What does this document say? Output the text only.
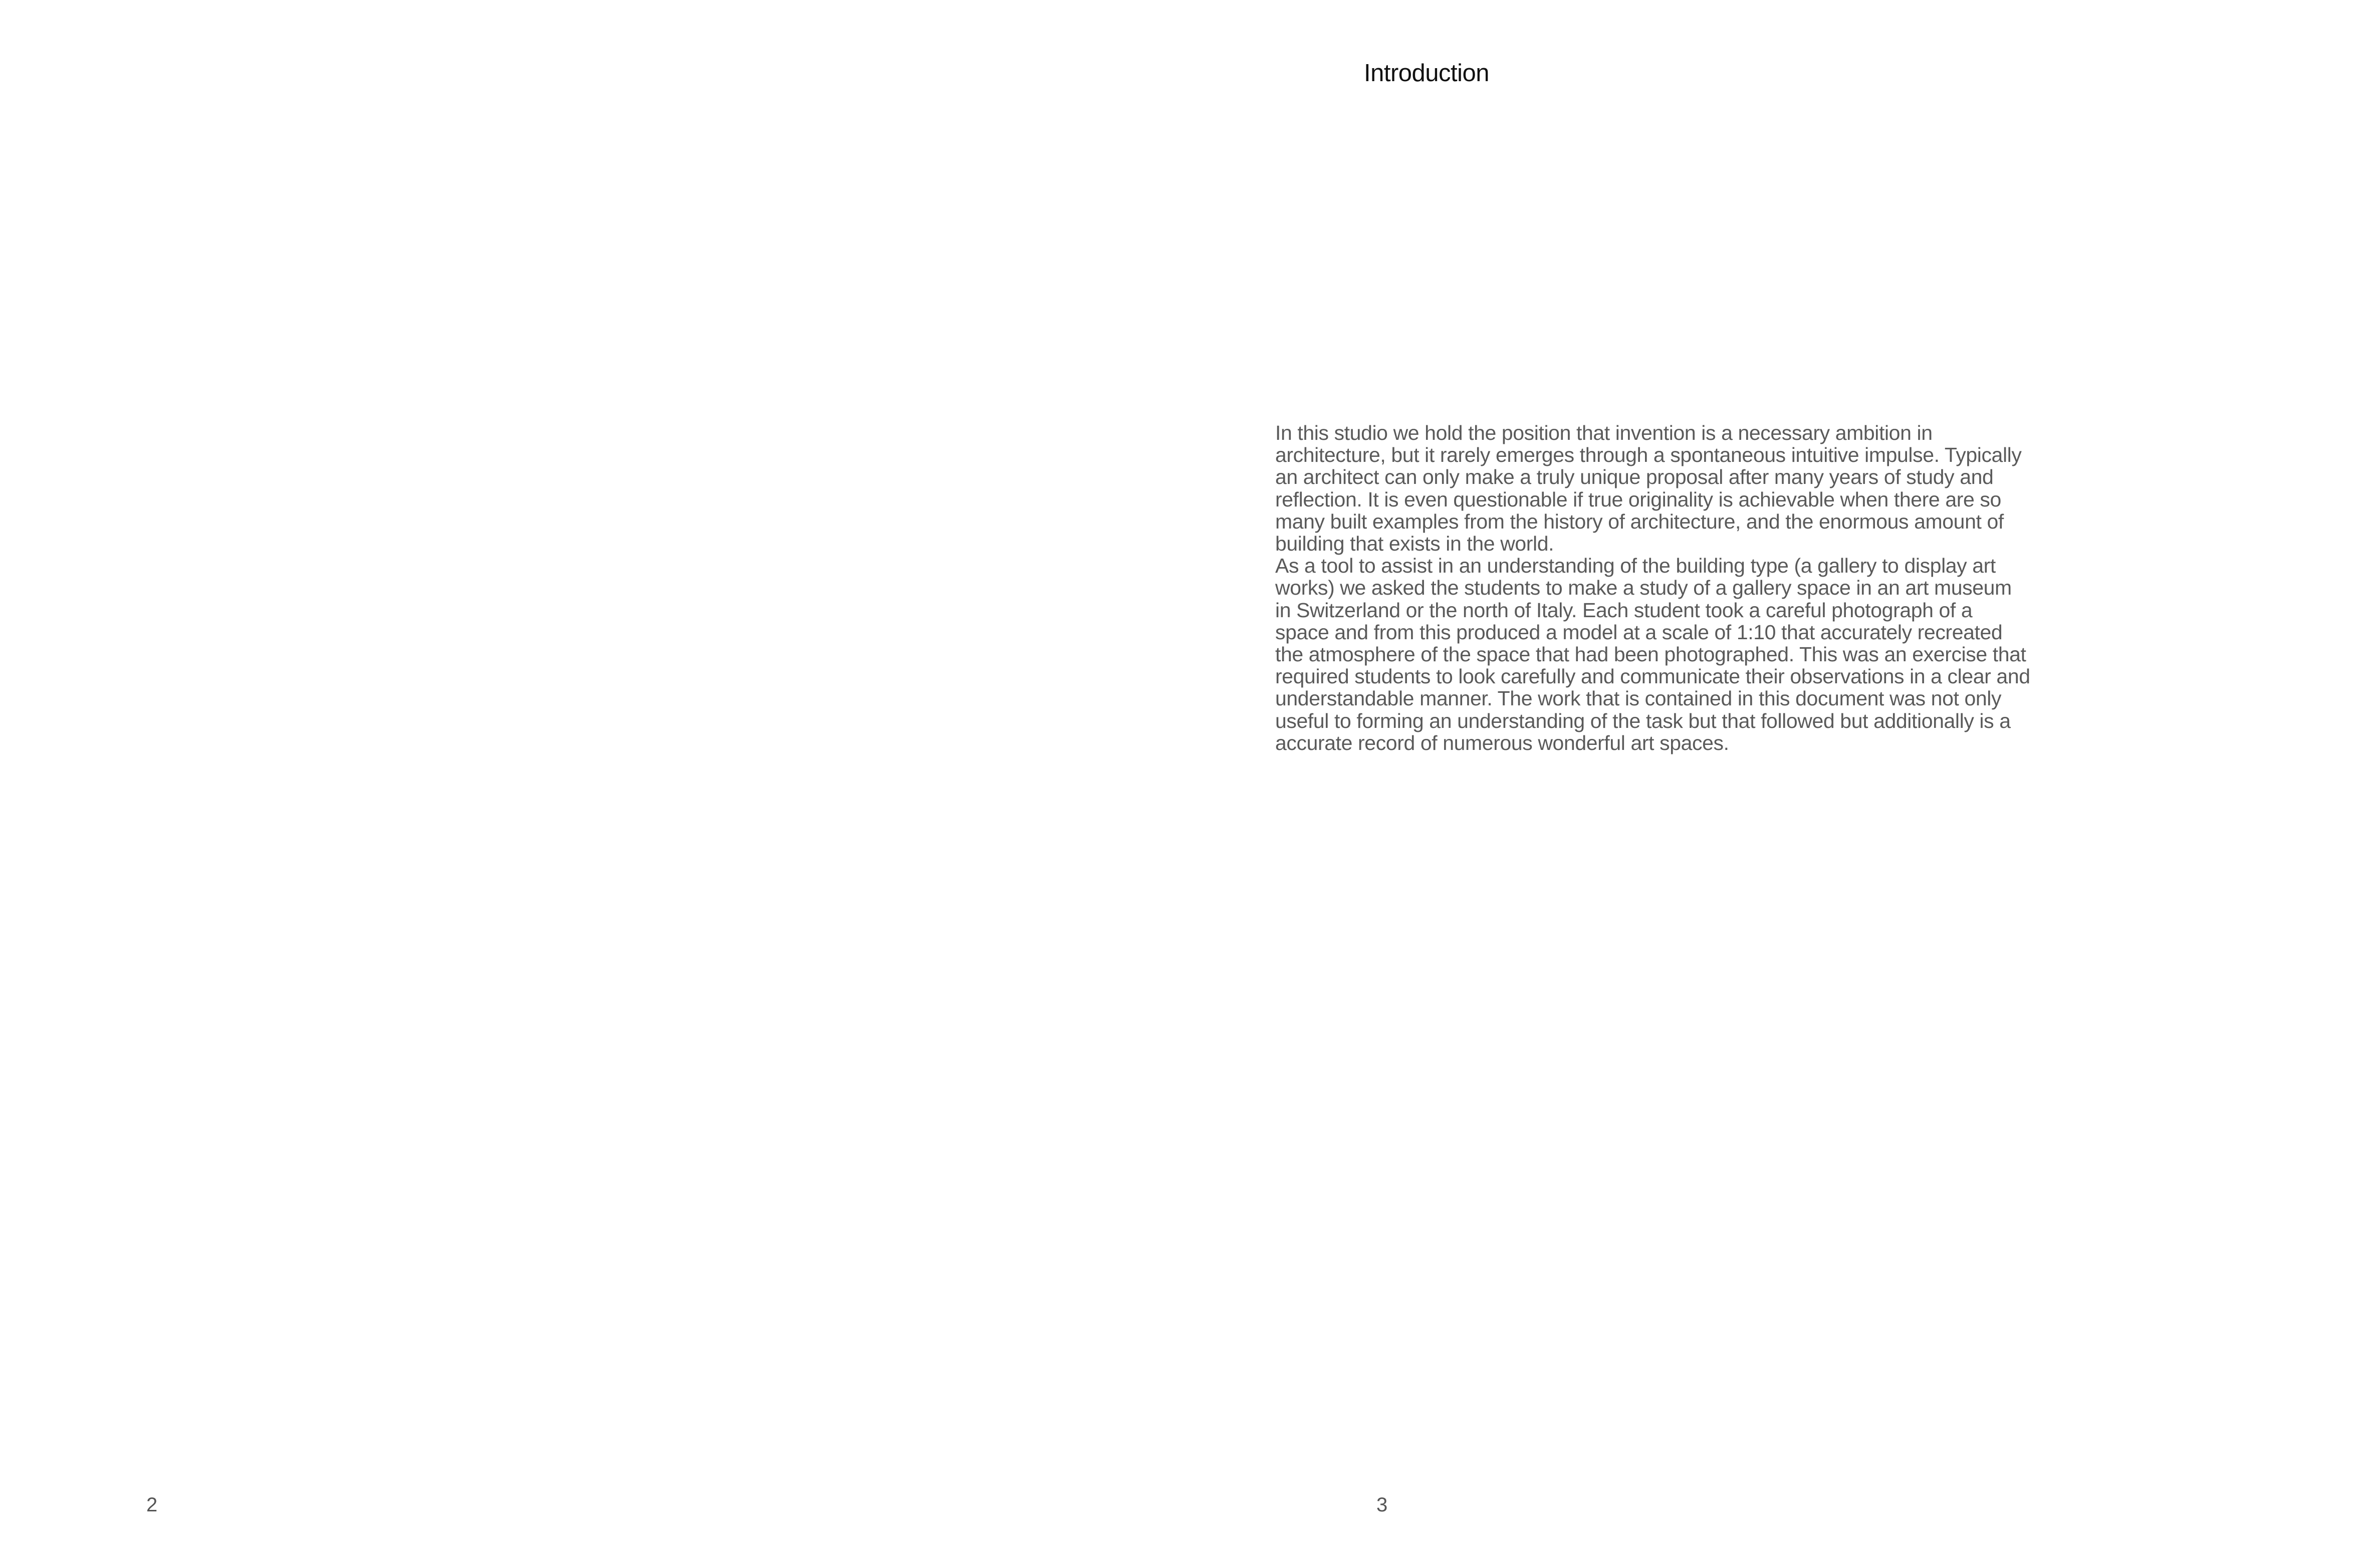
2
Introduction

In this studio we hold the position that invention is a necessary ambition in
architecture, but it rarely emerges through a spontaneous intuitive impulse. Typically
an architect can only make a truly unique proposal after many years of study and
reflection. It is even questionable if true originality is achievable when there are so
many built examples from the history of architecture, and the enormous amount of
building that exists in the world.

As a tool to assist in an understanding of the building type (a gallery to display art
works) we asked the students to make a study of a gallery space in an art museum
in Switzerland or the north of Italy. Each student took a careful photograph of a
space and from this produced a model at a scale of 1:10 that accurately recreated
the atmosphere of the space that had been photographed. This was an exercise that
required students to look carefully and communicate their observations in a clear and
understandable manner. The work that is contained in this document was not only
useful to forming an understanding of the task but that followed but additionally is a
accurate record of numerous wonderful art spaces.

3
